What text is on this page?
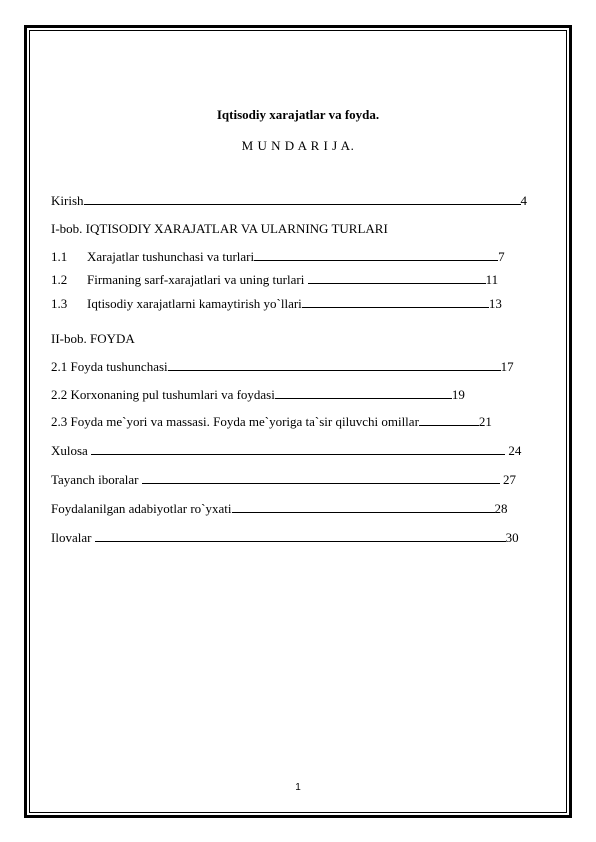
Iqtisodiy xarajatlar va foyda.
M U N D A R I J A.
Kirish	4
I-bob. IQTISODIY XARAJATLAR VA ULARNING TURLARI
1.1 Xarajatlar tushunchasi va turlari	7
1.2 Firmaning sarf-xarajatlari va uning turlari	11
1.3 Iqtisodiy xarajatlarni kamaytirish yo`llari	13
II-bob. FOYDA
2.1 Foyda tushunchasi	17
2.2 Korxonaning pul tushumlari va foydasi	19
2.3 Foyda me`yori va massasi. Foyda me`yoriga ta`sir qiluvchi omillar	21
Xulosa	24
Tayanch iboralar	27
Foydalanilgan adabiyotlar ro`yxati	28
Ilovalar	30
1
